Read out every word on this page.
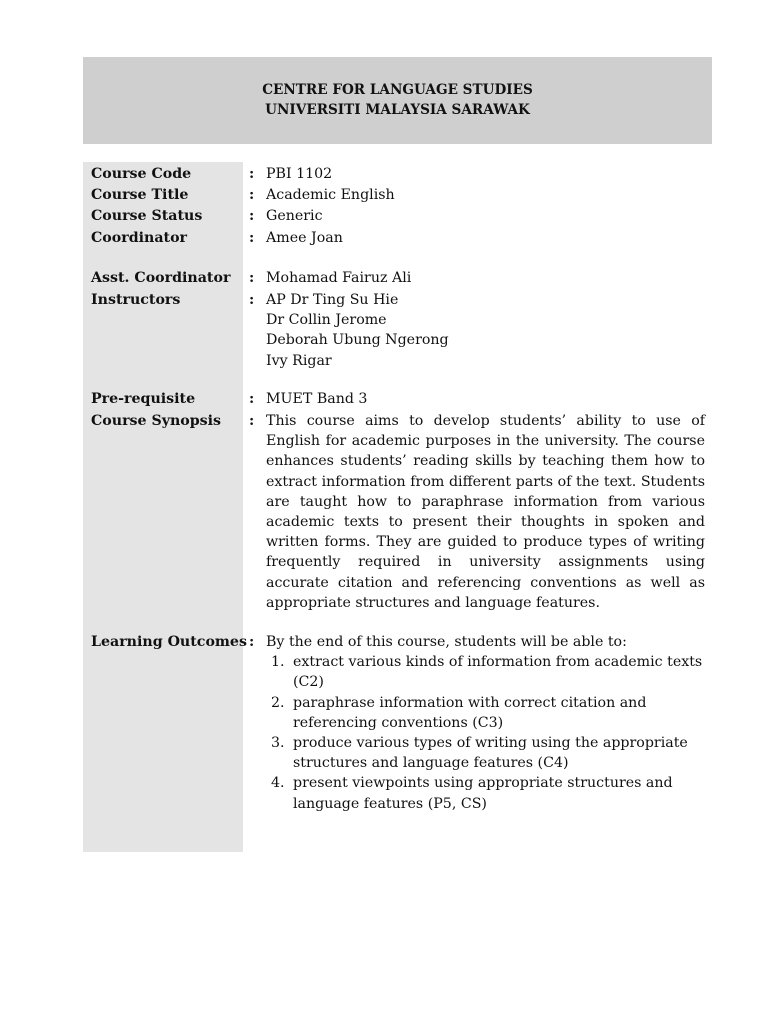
CENTRE FOR LANGUAGE STUDIES
UNIVERSITI MALAYSIA SARAWAK
Course Code	: PBI 1102
Course Title	: Academic English
Course Status	: Generic
Coordinator	: Amee Joan
Asst. Coordinator : Mohamad Fairuz Ali
Instructors	: AP Dr Ting Su Hie
Dr Collin Jerome
Deborah Ubung Ngerong
Ivy Rigar
Pre-requisite	: MUET Band 3
Course Synopsis : This course aims to develop students’ ability to use of English for academic purposes in the university. The course enhances students’ reading skills by teaching them how to extract information from different parts of the text. Students are taught how to paraphrase information from various academic texts to present their thoughts in spoken and written forms. They are guided to produce types of writing frequently required in university assignments using accurate citation and referencing conventions as well as appropriate structures and language features.
Learning Outcomes : By the end of this course, students will be able to:
1. extract various kinds of information from academic texts (C2)
2. paraphrase information with correct citation and referencing conventions (C3)
3. produce various types of writing using the appropriate structures and language features (C4)
4. present viewpoints using appropriate structures and language features (P5, CS)
